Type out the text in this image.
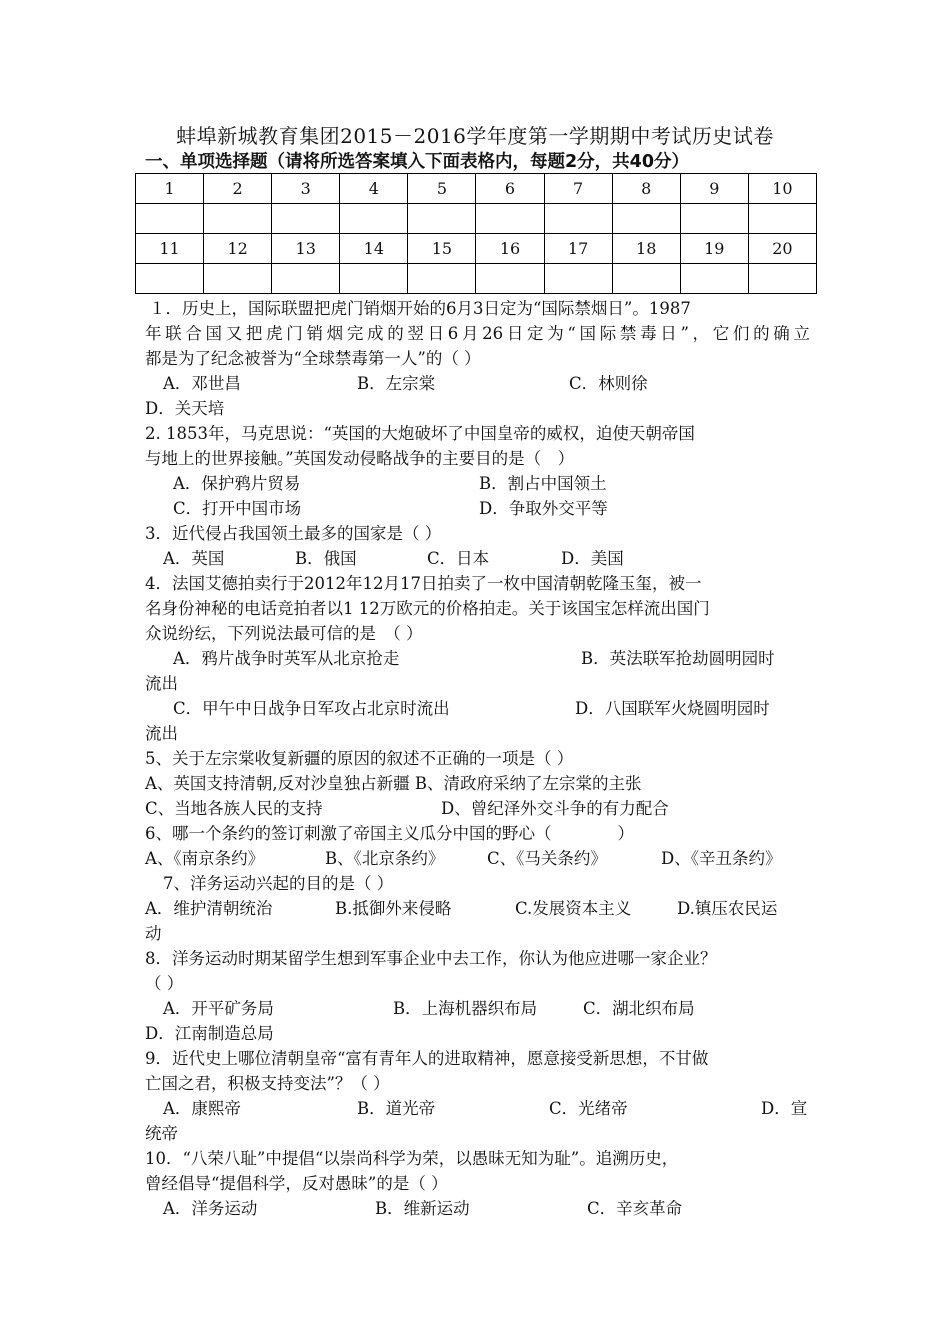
蚌埠新城教育集团2015－2016学年度第一学期期中考试历史试卷
一、单项选择题（请将所选答案填入下面表格内，每题2分，共40分）
1	2	3	4	5	6	7	8	9	10

11	12	13	14	15	16	17	18	19	20

１．历史上，国际联盟把虎门销烟开始的6月3日定为“国际禁烟日”。1987
年联合国又把虎门销烟完成的翌日6月26日定为“国际禁毒日”，它们的确立
都是为了纪念被誉为“全球禁毒第一人”的（ ）
A．邓世昌	B．左宗棠	C．林则徐
D．关天培
2. 1853年，马克思说：“英国的大炮破坏了中国皇帝的威权，迫使天朝帝国
与地上的世界接触。”英国发动侵略战争的主要目的是（　）
A．保护鸦片贸易	B．割占中国领土
C．打开中国市场	D．争取外交平等
3．近代侵占我国领土最多的国家是（ ）
A．英国	B．俄国	C．日本	D．美国
4．法国艾德拍卖行于2012年12月17日拍卖了一枚中国清朝乾隆玉玺，被一
名身份神秘的电话竞拍者以1 12万欧元的价格拍走。关于该国宝怎样流出国门
众说纷纭，下列说法最可信的是　（ ）
A．鸦片战争时英军从北京抢走	B．英法联军抢劫圆明园时
流出
C．甲午中日战争日军攻占北京时流出	D．八国联军火烧圆明园时
流出
5、关于左宗棠收复新疆的原因的叙述不正确的一项是（ ）
A、英国支持清朝,反对沙皇独占新疆 B、清政府采纳了左宗棠的主张
C、当地各族人民的支持	D、曾纪泽外交斗争的有力配合
6、哪一个条约的签订刺激了帝国主义瓜分中国的野心（　　　　）
A、《南京条约》	B、《北京条约》	C、《马关条约》	D、《辛丑条约》
7、洋务运动兴起的目的是（ ）
A．维护清朝统治	B.抵御外来侵略	C.发展资本主义	D.镇压农民运
动
8．洋务运动时期某留学生想到军事企业中去工作，你认为他应进哪一家企业？
（ ）
A．开平矿务局	B．上海机器织布局	C．湖北织布局
D．江南制造总局
9．近代史上哪位清朝皇帝“富有青年人的进取精神，愿意接受新思想，不甘做
亡国之君，积极支持变法”？（ ）
A．康熙帝	B．道光帝	C．光绪帝	D．宣
统帝
10．“八荣八耻”中提倡“以崇尚科学为荣，以愚昧无知为耻”。追溯历史，
曾经倡导“提倡科学，反对愚昧”的是（ ）
A．洋务运动	B．维新运动	C．辛亥革命
